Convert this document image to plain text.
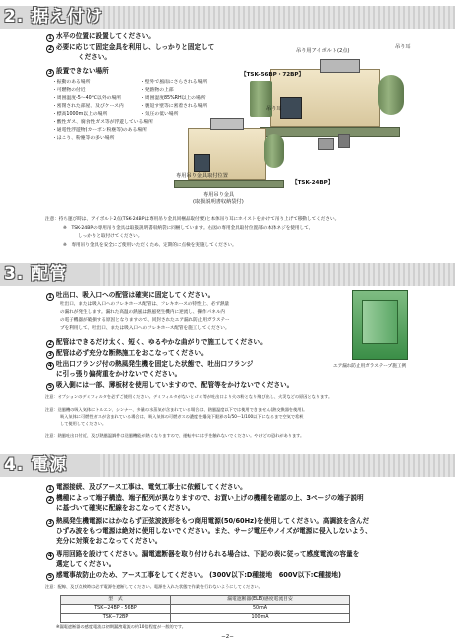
2. 据え付け
1 水平の位置に設置してください。
2 必要に応じて固定金具を利用し、しっかりと固定して
ください。
3 設置できない場所
・振動のある場所
・可燃物の付近
・周囲温度-5〜40℃以外の場所
・密閉された部屋、及びケース内
・標高1000m以上の場所
・酸性ガス、腐食性ガス等が浮遊している場所
・通電性浮遊物(カーボン粉塵等)のある場所
・ほこり、粉塵等の多い場所
・壁外で風雨にさらされる場所
・発熱物の上部
・周囲湿度85%RH以上の場所
・裏返す壁等に密着される場所
・気圧の低い場所
吊り用アイボルト(2点)
吊り耳
【TSK-56BP・72BP】
吊り耳
専用吊り金具取付位置
【TSK-24BP】
専用吊り金具
(取扱説明書収納袋付)
注意：持ち運び時は、アイボルト2点(TSK-24BPは専用吊り金具同梱品取付要)と本体吊り耳にホイストをかけて吊り上げて移動してください。
※　TSK-24BPの専用吊り金具は取扱説明書収納袋に同梱しています。右図の専用金具取付位置部の本体ネジを使用して、
しっかりと取付けてください。
※　専用吊り金具を安全にご使用いただくため、定期的に点検を実施してください。
3. 配管
1 吐出口、吸入口への配管は確実に固定してください。
吐出口、または吸入口へのフレキホース配管は、フレキホースの特性上、必ず熱量
の漏れが発生します。漏れた高温の熱風は熱風発生機内に逆流し、操作パネル内
の電子機器が破損する原因となりますので、同封されたエア漏れ防止用ガラステー
プを利用して、吐出口、または吸入口へのフレキホース配管を施工してください。
エア漏れ防止用ガラステープ施工例
2 配管はできるだけ太く、短く、ゆるやかな曲がりで施工してください。
3 配管は必ず充分な断熱施工をおこなってください。
4 吐出口フランジ付の熱風発生機を固定した状態で、吐出口フランジ
に引っ張り偏荷重をかけないでください。
5 吸入側には一部、薄板材を使用していますので、配管等をかけないでください。
注意：オプションのデミフィルタを必ずご使用ください。デミフィルタがないとゴミ等が吐出口より火の粉となり飛び出し、火災などの原因となります。
注意：送風機の吸入気体にトルエン、シンナー、多量の水蒸気が含まれている場合は、熱風温度以下では使用できません(熱交換器を使用)。
吸入気体に可燃性ガスが含まれている場合は、吸入気体の可燃ガスの濃度を爆発下限界の1/50〜1/100以下になるまで空気で希釈
して使用してください。
注意：熱風吐出口付近、及び熱風温調件は送風機能が熱くなりますので、運転中には手を触れないでください。やけどの恐れがあります。
4. 電源
1 電源接続、及びアース工事は、電気工事士に依頼してください。
2 機種によって端子構造、端子配列が異なりますので、お買い上げの機種を確認の上、3ページの端子説明
に基づいて確実に配線をおこなってください。
3 熱風発生機電源にはかならず正弦波波形をもつ商用電源(50/60Hz)を使用してください。高調波を含んだ
ひずみ波をもつ電源は絶対に使用しないでください。また、サージ電圧やノイズが電源に侵入しないよう、
充分に対策をおこなってください。
4 専用回路を設けてください。漏電遮断器を取り付けられる場合は、下記の表に従って感度電流の容量を
選定してください。
5 感電事故防止のため、アース工事をしてください。 (300V以下:D種接地　600V以下:C種接地)
注意：配線、及び点検時は必ず電源を遮断してください。電源を入れた状態で作業を行わないようにしてください。
型　式	漏電遮断器(ELB)感度電流目安
TSK−24BP・56BP	50mA
TSK−72BP	100mA
※漏電遮断器の感度電流は初期漏洩電流の約10倍程度が一般的です。
−2−
